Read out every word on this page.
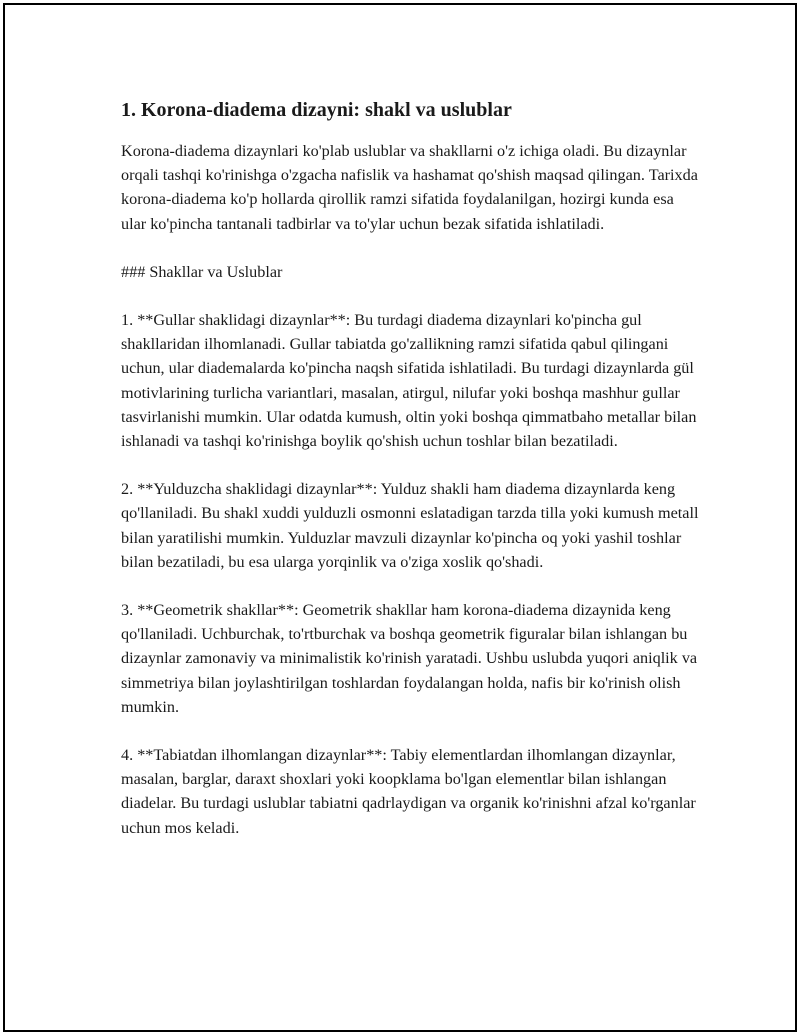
1. Korona-diadema dizayni: shakl va uslublar

Korona-diadema dizaynlari ko'plab uslublar va shakllarni o'z ichiga oladi. Bu dizaynlar orqali tashqi ko'rinishga o'zgacha nafislik va hashamat qo'shish maqsad qilingan. Tarixda korona-diadema ko'p hollarda qirollik ramzi sifatida foydalanilgan, hozirgi kunda esa ular ko'pincha tantanali tadbirlar va to'ylar uchun bezak sifatida ishlatiladi.

### Shakllar va Uslublar

1. **Gullar shaklidagi dizaynlar**: Bu turdagi diadema dizaynlari ko'pincha gul shakllaridan ilhomlanadi. Gullar tabiatda go'zallikning ramzi sifatida qabul qilingani uchun, ular diademalarda ko'pincha naqsh sifatida ishlatiladi. Bu turdagi dizaynlarda gül motivlarining turlicha variantlari, masalan, atirgul, nilufar yoki boshqa mashhur gullar tasvirlanishi mumkin. Ular odatda kumush, oltin yoki boshqa qimmatbaho metallar bilan ishlanadi va tashqi ko'rinishga boylik qo'shish uchun toshlar bilan bezatiladi.

2. **Yulduzcha shaklidagi dizaynlar**: Yulduz shakli ham diadema dizaynlarda keng qo'llaniladi. Bu shakl xuddi yulduzli osmonni eslatadigan tarzda tilla yoki kumush metall bilan yaratilishi mumkin. Yulduzlar mavzuli dizaynlar ko'pincha oq yoki yashil toshlar bilan bezatiladi, bu esa ularga yorqinlik va o'ziga xoslik qo'shadi.

3. **Geometrik shakllar**: Geometrik shakllar ham korona-diadema dizaynida keng qo'llaniladi. Uchburchak, to'rtburchak va boshqa geometrik figuralar bilan ishlangan bu dizaynlar zamonaviy va minimalistik ko'rinish yaratadi. Ushbu uslubda yuqori aniqlik va simmetriya bilan joylashtirilgan toshlardan foydalangan holda, nafis bir ko'rinish olish mumkin.

4. **Tabiatdan ilhomlangan dizaynlar**: Tabiy elementlardan ilhomlangan dizaynlar, masalan, barglar, daraxt shoxlari yoki koopklama bo'lgan elementlar bilan ishlangan diadelar. Bu turdagi uslublar tabiatni qadrlaydigan va organik ko'rinishni afzal ko'rganlar uchun mos keladi.
